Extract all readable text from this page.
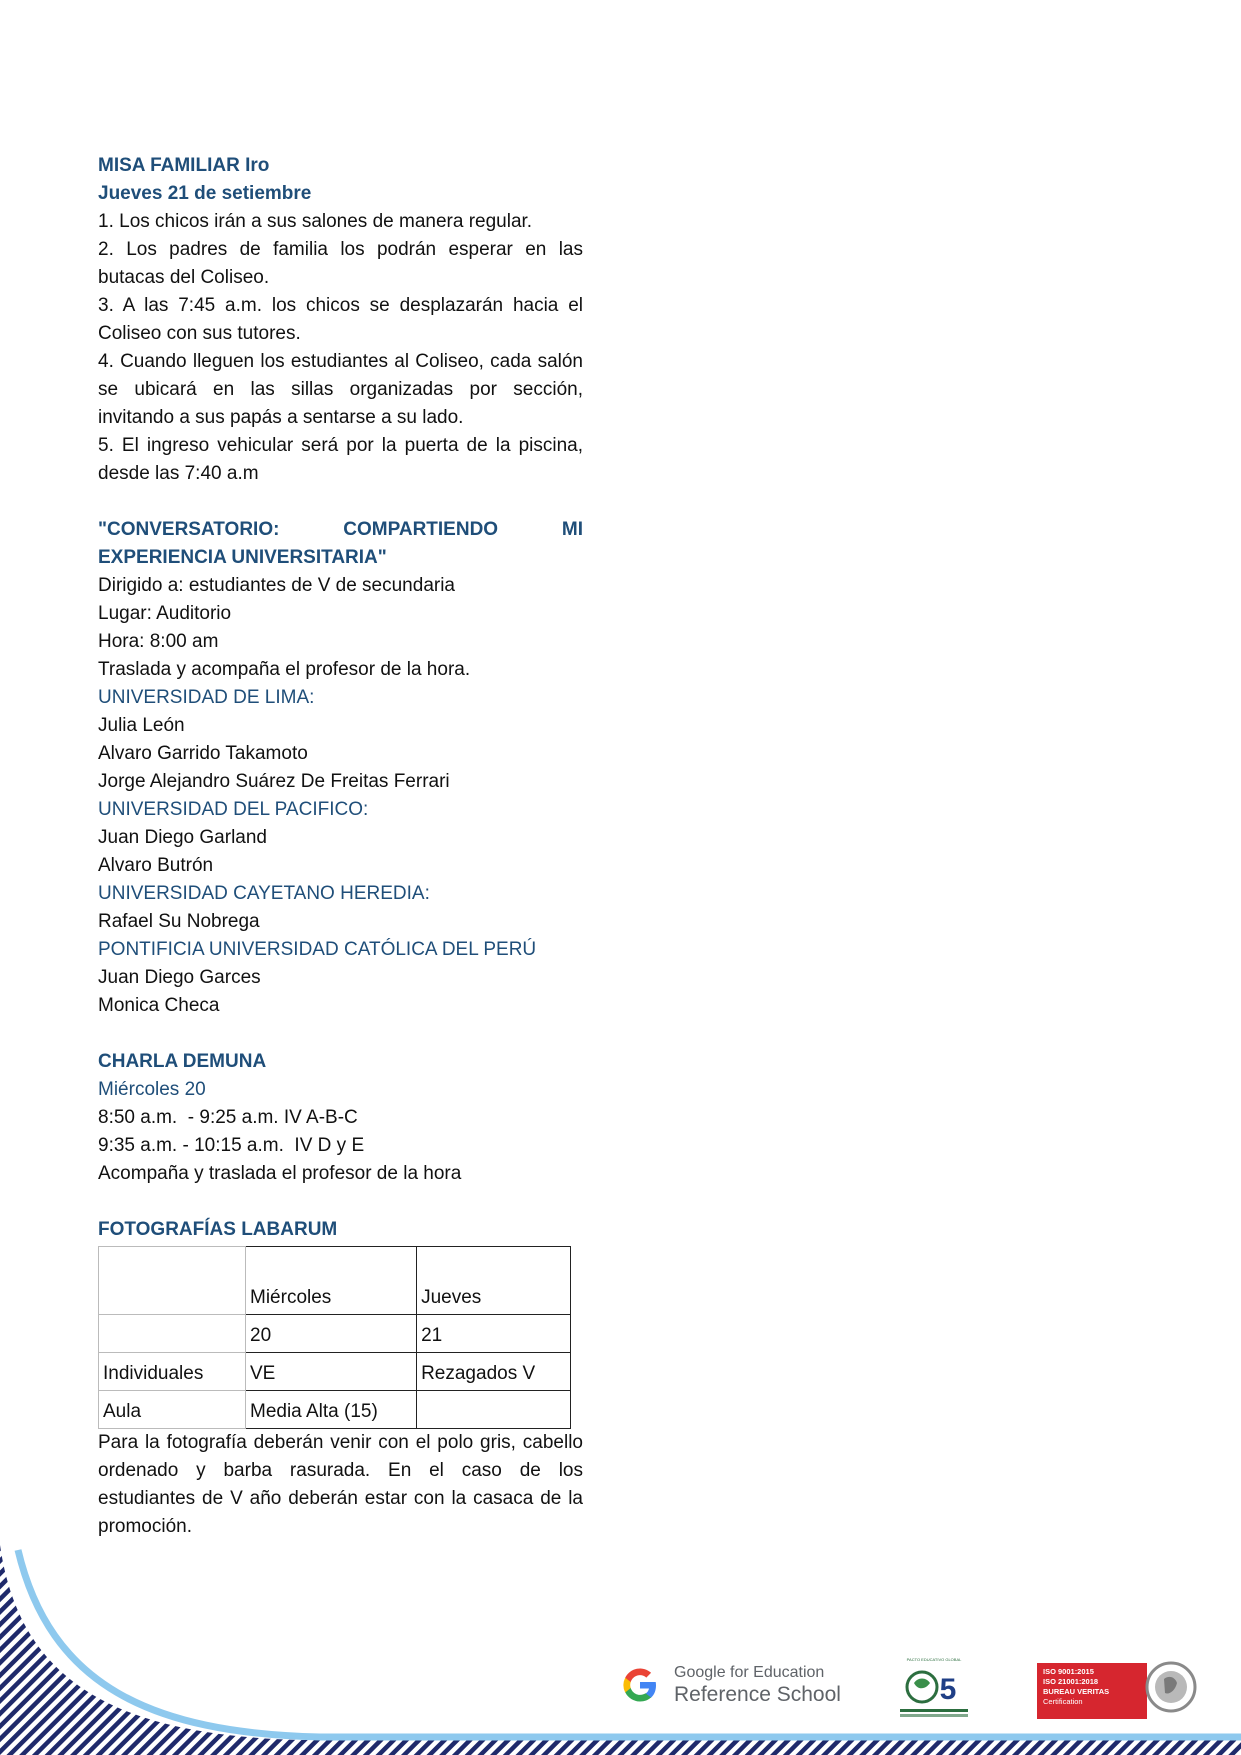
MISA FAMILIAR Iro
Jueves 21 de setiembre
1. Los chicos irán a sus salones de manera regular.
2. Los padres de familia los podrán esperar en las butacas del Coliseo.
3. A las 7:45 a.m. los chicos se desplazarán hacia el Coliseo con sus tutores.
4. Cuando lleguen los estudiantes al Coliseo, cada salón se ubicará en las sillas organizadas por sección, invitando a sus papás a sentarse a su lado.
5. El ingreso vehicular será por la puerta de la piscina, desde las 7:40 a.m
"CONVERSATORIO: COMPARTIENDO MI
EXPERIENCIA UNIVERSITARIA"
Dirigido a: estudiantes de V de secundaria
Lugar: Auditorio
Hora: 8:00 am
Traslada y acompaña el profesor de la hora.
UNIVERSIDAD DE LIMA:
Julia León
Alvaro Garrido Takamoto
Jorge Alejandro Suárez De Freitas Ferrari
UNIVERSIDAD DEL PACIFICO:
Juan Diego Garland
Alvaro Butrón
UNIVERSIDAD CAYETANO HEREDIA:
Rafael Su Nobrega
PONTIFICIA UNIVERSIDAD CATÓLICA DEL PERÚ
Juan Diego Garces
Monica Checa
CHARLA DEMUNA
Miércoles 20
8:50 a.m.  - 9:25 a.m. IV A-B-C
9:35 a.m. - 10:15 a.m.  IV D y E
Acompaña y traslada el profesor de la hora
FOTOGRAFÍAS LABARUM
	Miércoles	Jueves
	20	21
Individuales	VE	Rezagados V
Aula	Media Alta (15)	
Para la fotografía deberán venir con el polo gris, cabello ordenado y barba rasurada. En el caso de los estudiantes de V año deberán estar con la casaca de la promoción.
Google for Education
Reference School
PACTO EDUCATIVO GLOBAL
5
ISO 9001:2015
ISO 21001:2018
BUREAU VERITAS
Certification
